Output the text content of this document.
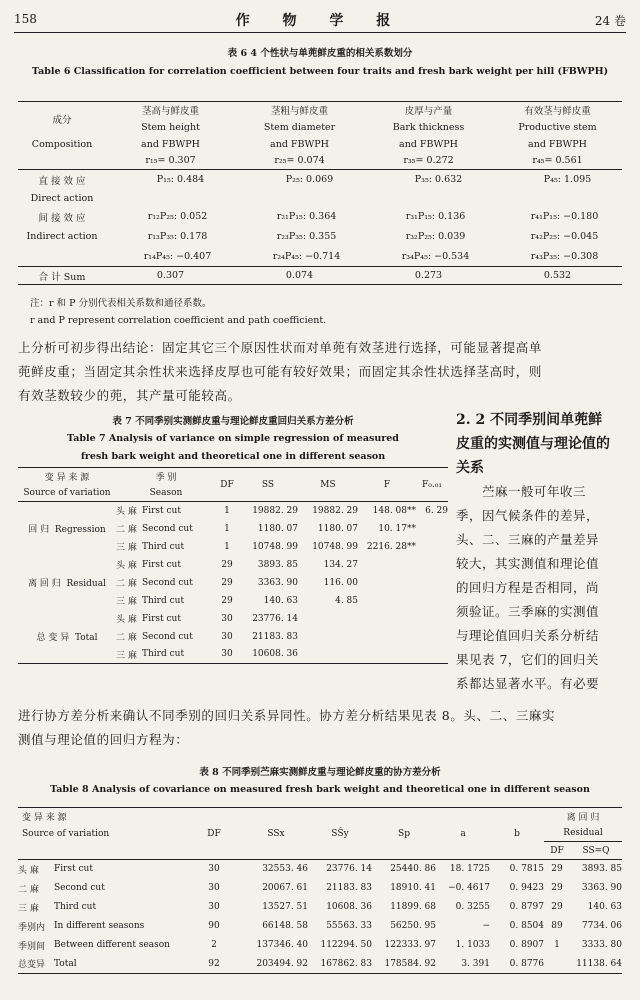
158	作 物 学 报	24 卷
表 6 4 个性状与单蔸鲜皮重的相关系数划分
Table 6 Classification for correlation coefficient between four traits and fresh bark weight per hill (FBWPH)
成分	茎高与鲜皮重	茎粗与鲜皮重	皮厚与产量	有效茎与鲜皮重
	Stem height	Stem diameter	Bark thickness	Productive stem
Composition	and FBWPH	and FBWPH	and FBWPH	and FBWPH
	r₁₅= 0.307	r₂₅= 0.074	r₃₅= 0.272	r₄₅= 0.561
直 接 效 应	P₁₅: 0.484	P₂₅: 0.069	P₃₅: 0.632	P₄₅: 1.095
Direct action				
间 接 效 应	r₁₂P₂₅: 0.052	r₂₁P₁₅: 0.364	r₃₁P₁₅: 0.136	r₄₁P₁₅: −0.180
Indirect action	r₁₃P₃₅: 0.178	r₂₃P₃₅: 0.355	r₃₂P₂₅: 0.039	r₄₂P₂₅: −0.045
	r₁₄P₄₅: −0.407	r₂₄P₄₅: −0.714	r₃₄P₄₅: −0.534	r₄₃P₃₅: −0.308
合 计 Sum	0.307	0.074	0.273	0.532
注：r 和 P 分别代表相关系数和通径系数。
r and P represent correlation coefficient and path coefficient.
上分析可初步得出结论：固定其它三个原因性状而对单蔸有效茎进行选择，可能显著提高单
蔸鲜皮重；当固定其余性状来选择皮厚也可能有较好效果；而固定其余性状选择茎高时，则
有效茎数较少的蔸，其产量可能较高。
表 7 不同季别实测鲜皮重与理论鲜皮重回归关系方差分析
Table 7 Analysis of variance on simple regression of measured
fresh bark weight and theoretical one in different season
变 异 来 源	季 别		DF	SS	MS	F	F₀.₀₁
Source of variation	Season						
回 归 Regression	头 麻	First cut	1	19882. 29	19882. 29	148. 08**	6. 29
	二 麻	Second cut	1	1180. 07	1180. 07	10. 17**	
	三 麻	Third cut	1	10748. 99	10748. 99	2216. 28**	
离 回 归 Residual	头 麻	First cut	29	3893. 85	134. 27		
	二 麻	Second cut	29	3363. 90	116. 00		
	三 麻	Third cut	29	140. 63	4. 85		
总 变 异 Total	头 麻	First cut	30	23776. 14			
	二 麻	Second cut	30	21183. 83			
	三 麻	Third cut	30	10608. 36			
2. 2 不同季别间单蔸鲜
皮重的实测值与理论值的
关系
苎麻一般可年收三
季，因气候条件的差异，
头、二、三麻的产量差异
较大，其实测值和理论值
的回归方程是否相同，尚
须验证。三季麻的实测值
与理论值回归关系分析结
果见表 7，它们的回归关
系都达显著水平。有必要
进行协方差分析来确认不同季别的回归关系异同性。协方差分析结果见表 8。头、二、三麻实
测值与理论值的回归方程为：
表 8 不同季别苎麻实测鲜皮重与理论鲜皮重的协方差分析
Table 8 Analysis of covariance on measured fresh bark weight and theoretical one in different season
变 异 来 源		DF	SSx	SŜy	Sp	a	b	离 回 归	
Source of variation								Residual	
								DF	SS=Q
头 麻	First cut	30	32553. 46	23776. 14	25440. 86	18. 1725	0. 7815	29	3893. 85
二 麻	Second cut	30	20067. 61	21183. 83	18910. 41	−0. 4617	0. 9423	29	3363. 90
三 麻	Third cut	30	13527. 51	10608. 36	11899. 68	0. 3255	0. 8797	29	140. 63
季别内	In different seasons	90	66148. 58	55563. 33	56250. 95	−	0. 8504	89	7734. 06
季别间	Between different season	2	137346. 40	112294. 50	122333. 97	1. 1033	0. 8907	1	3333. 80
总变异	Total	92	203494. 92	167862. 83	178584. 92	3. 391	0. 8776		11138. 64
